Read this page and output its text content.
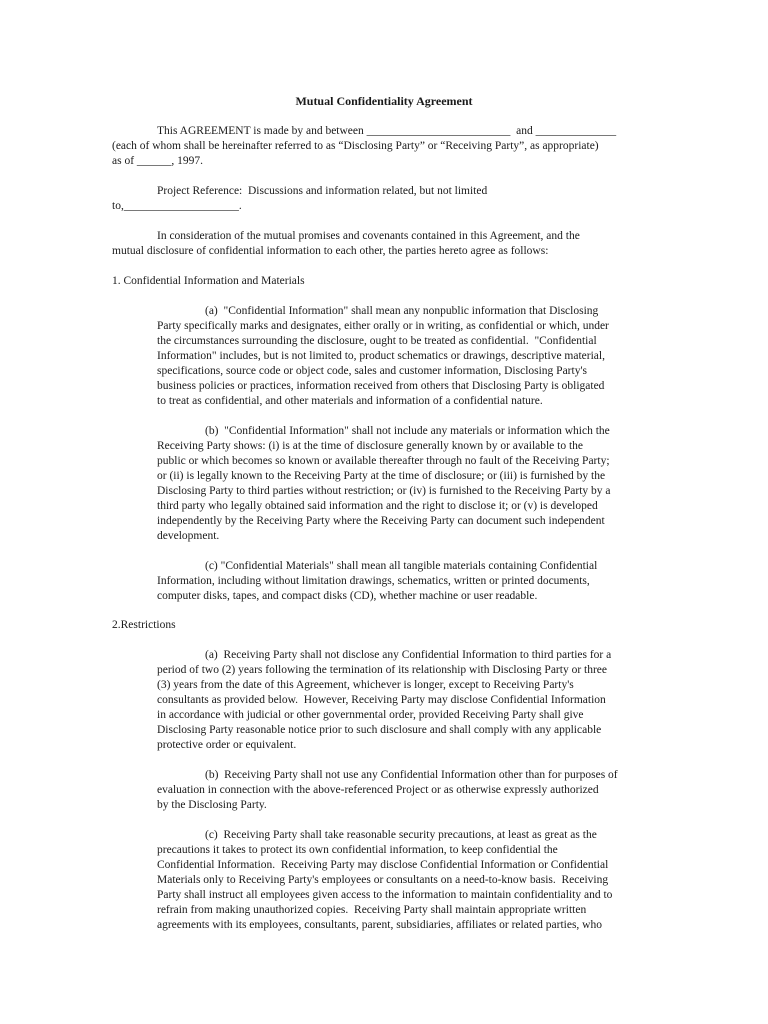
Mutual Confidentiality Agreement
This AGREEMENT is made by and between _________________________  and ______________
(each of whom shall be hereinafter referred to as “Disclosing Party” or “Receiving Party”, as appropriate)
as of ______, 1997.
Project Reference:  Discussions and information related, but not limited
to,____________________.
In consideration of the mutual promises and covenants contained in this Agreement, and the
mutual disclosure of confidential information to each other, the parties hereto agree as follows:
1. Confidential Information and Materials
(a)  "Confidential Information" shall mean any nonpublic information that Disclosing
Party specifically marks and designates, either orally or in writing, as confidential or which, under
the circumstances surrounding the disclosure, ought to be treated as confidential.  "Confidential
Information" includes, but is not limited to, product schematics or drawings, descriptive material,
specifications, source code or object code, sales and customer information, Disclosing Party's
business policies or practices, information received from others that Disclosing Party is obligated
to treat as confidential, and other materials and information of a confidential nature.
(b)  "Confidential Information" shall not include any materials or information which the
Receiving Party shows: (i) is at the time of disclosure generally known by or available to the
public or which becomes so known or available thereafter through no fault of the Receiving Party;
or (ii) is legally known to the Receiving Party at the time of disclosure; or (iii) is furnished by the
Disclosing Party to third parties without restriction; or (iv) is furnished to the Receiving Party by a
third party who legally obtained said information and the right to disclose it; or (v) is developed
independently by the Receiving Party where the Receiving Party can document such independent
development.
(c) "Confidential Materials" shall mean all tangible materials containing Confidential
Information, including without limitation drawings, schematics, written or printed documents,
computer disks, tapes, and compact disks (CD), whether machine or user readable.
2.Restrictions
(a)  Receiving Party shall not disclose any Confidential Information to third parties for a
period of two (2) years following the termination of its relationship with Disclosing Party or three
(3) years from the date of this Agreement, whichever is longer, except to Receiving Party's
consultants as provided below.  However, Receiving Party may disclose Confidential Information
in accordance with judicial or other governmental order, provided Receiving Party shall give
Disclosing Party reasonable notice prior to such disclosure and shall comply with any applicable
protective order or equivalent.
(b)  Receiving Party shall not use any Confidential Information other than for purposes of
evaluation in connection with the above-referenced Project or as otherwise expressly authorized
by the Disclosing Party.
(c)  Receiving Party shall take reasonable security precautions, at least as great as the
precautions it takes to protect its own confidential information, to keep confidential the
Confidential Information.  Receiving Party may disclose Confidential Information or Confidential
Materials only to Receiving Party's employees or consultants on a need-to-know basis.  Receiving
Party shall instruct all employees given access to the information to maintain confidentiality and to
refrain from making unauthorized copies.  Receiving Party shall maintain appropriate written
agreements with its employees, consultants, parent, subsidiaries, affiliates or related parties, who
